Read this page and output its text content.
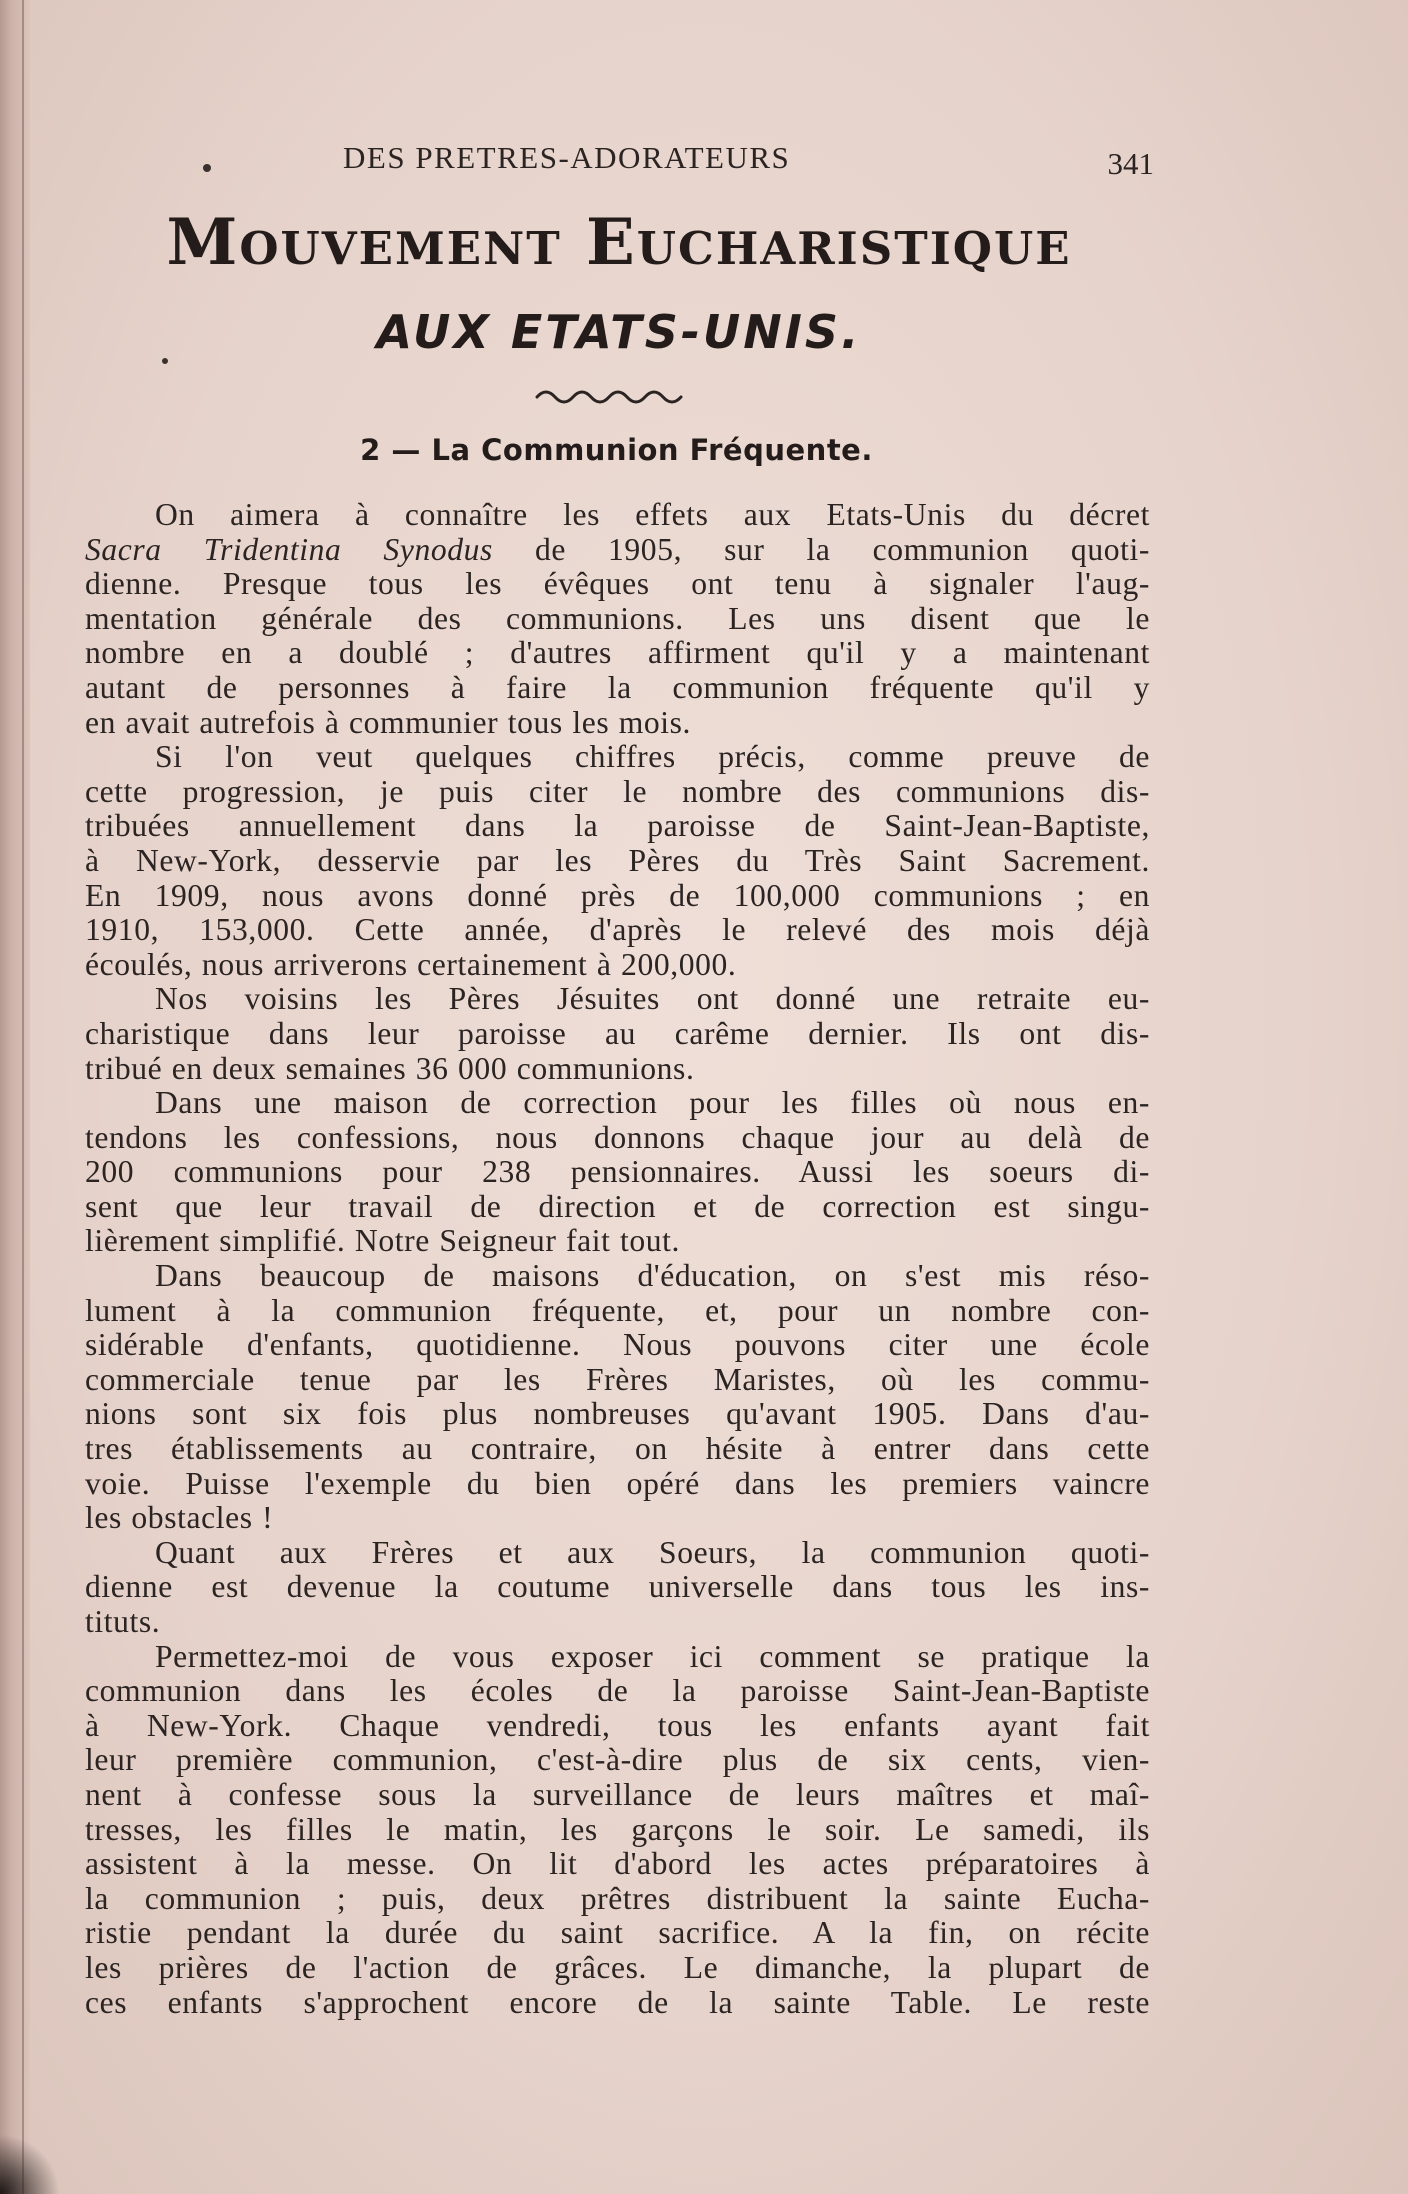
DES PRETRES-ADORATEURS	341
Mouvement Eucharistique
AUX ETATS-UNIS.
2 — La Communion Fréquente.
On aimera à connaître les effets aux Etats-Unis du décret
Sacra Tridentina Synodus de 1905, sur la communion quoti-
dienne. Presque tous les évêques ont tenu à signaler l'aug-
mentation générale des communions. Les uns disent que le
nombre en a doublé ; d'autres affirment qu'il y a maintenant
autant de personnes à faire la communion fréquente qu'il y
en avait autrefois à communier tous les mois.
Si l'on veut quelques chiffres précis, comme preuve de
cette progression, je puis citer le nombre des communions dis-
tribuées annuellement dans la paroisse de Saint-Jean-Baptiste,
à New-York, desservie par les Pères du Très Saint Sacrement.
En 1909, nous avons donné près de 100,000 communions ; en
1910, 153,000. Cette année, d'après le relevé des mois déjà
écoulés, nous arriverons certainement à 200,000.
Nos voisins les Pères Jésuites ont donné une retraite eu-
charistique dans leur paroisse au carême dernier. Ils ont dis-
tribué en deux semaines 36 000 communions.
Dans une maison de correction pour les filles où nous en-
tendons les confessions, nous donnons chaque jour au delà de
200 communions pour 238 pensionnaires. Aussi les soeurs di-
sent que leur travail de direction et de correction est singu-
lièrement simplifié. Notre Seigneur fait tout.
Dans beaucoup de maisons d'éducation, on s'est mis réso-
lument à la communion fréquente, et, pour un nombre con-
sidérable d'enfants, quotidienne. Nous pouvons citer une école
commerciale tenue par les Frères Maristes, où les commu-
nions sont six fois plus nombreuses qu'avant 1905. Dans d'au-
tres établissements au contraire, on hésite à entrer dans cette
voie. Puisse l'exemple du bien opéré dans les premiers vaincre
les obstacles !
Quant aux Frères et aux Soeurs, la communion quoti-
dienne est devenue la coutume universelle dans tous les ins-
tituts.
Permettez-moi de vous exposer ici comment se pratique la
communion dans les écoles de la paroisse Saint-Jean-Baptiste
à New-York. Chaque vendredi, tous les enfants ayant fait
leur première communion, c'est-à-dire plus de six cents, vien-
nent à confesse sous la surveillance de leurs maîtres et maî-
tresses, les filles le matin, les garçons le soir. Le samedi, ils
assistent à la messe. On lit d'abord les actes préparatoires à
la communion ; puis, deux prêtres distribuent la sainte Eucha-
ristie pendant la durée du saint sacrifice. A la fin, on récite
les prières de l'action de grâces. Le dimanche, la plupart de
ces enfants s'approchent encore de la sainte Table. Le reste
